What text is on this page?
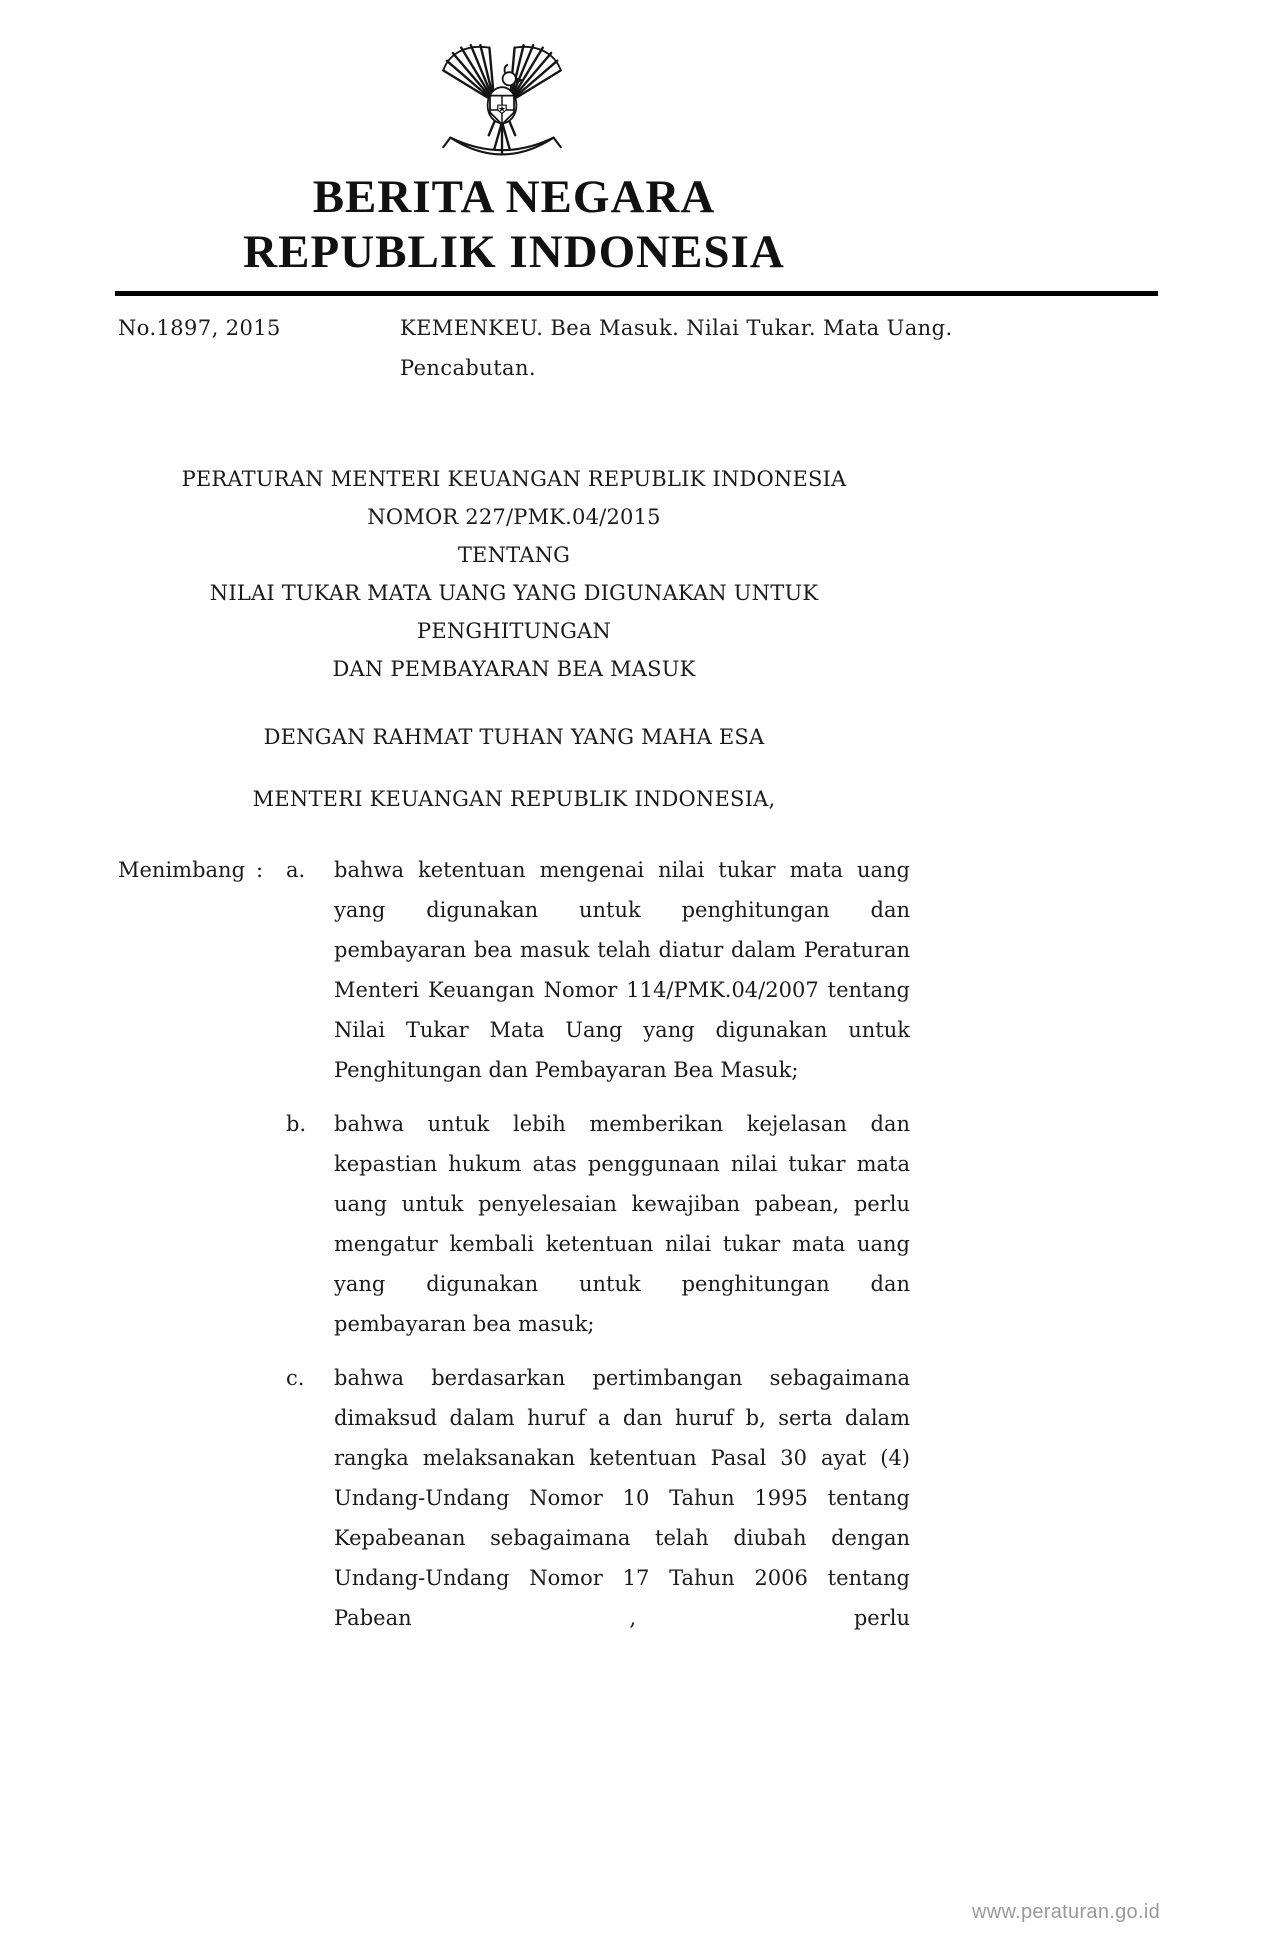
BERITA NEGARA
REPUBLIK INDONESIA
No.1897, 2015	KEMENKEU. Bea Masuk. Nilai Tukar. Mata Uang.
Pencabutan.
PERATURAN MENTERI KEUANGAN REPUBLIK INDONESIA
NOMOR 227/PMK.04/2015
TENTANG
NILAI TUKAR MATA UANG YANG DIGUNAKAN UNTUK PENGHITUNGAN
DAN PEMBAYARAN BEA MASUK
DENGAN RAHMAT TUHAN YANG MAHA ESA
MENTERI KEUANGAN REPUBLIK INDONESIA,
Menimbang :	a.	bahwa ketentuan mengenai nilai tukar mata uang yang digunakan untuk penghitungan dan pembayaran bea masuk telah diatur dalam Peraturan Menteri Keuangan Nomor 114/PMK.04/2007 tentang Nilai Tukar Mata Uang yang digunakan untuk Penghitungan dan Pembayaran Bea Masuk;
b.	bahwa untuk lebih memberikan kejelasan dan kepastian hukum atas penggunaan nilai tukar mata uang untuk penyelesaian kewajiban pabean, perlu mengatur kembali ketentuan nilai tukar mata uang yang digunakan untuk penghitungan dan pembayaran bea masuk;
c.	bahwa berdasarkan pertimbangan sebagaimana dimaksud dalam huruf a dan huruf b, serta dalam rangka melaksanakan ketentuan Pasal 30 ayat (4) Undang-Undang Nomor 10 Tahun 1995 tentang Kepabeanan sebagaimana telah diubah dengan Undang-Undang Nomor 17 Tahun 2006 tentang Pabean , perlu
www.peraturan.go.id
